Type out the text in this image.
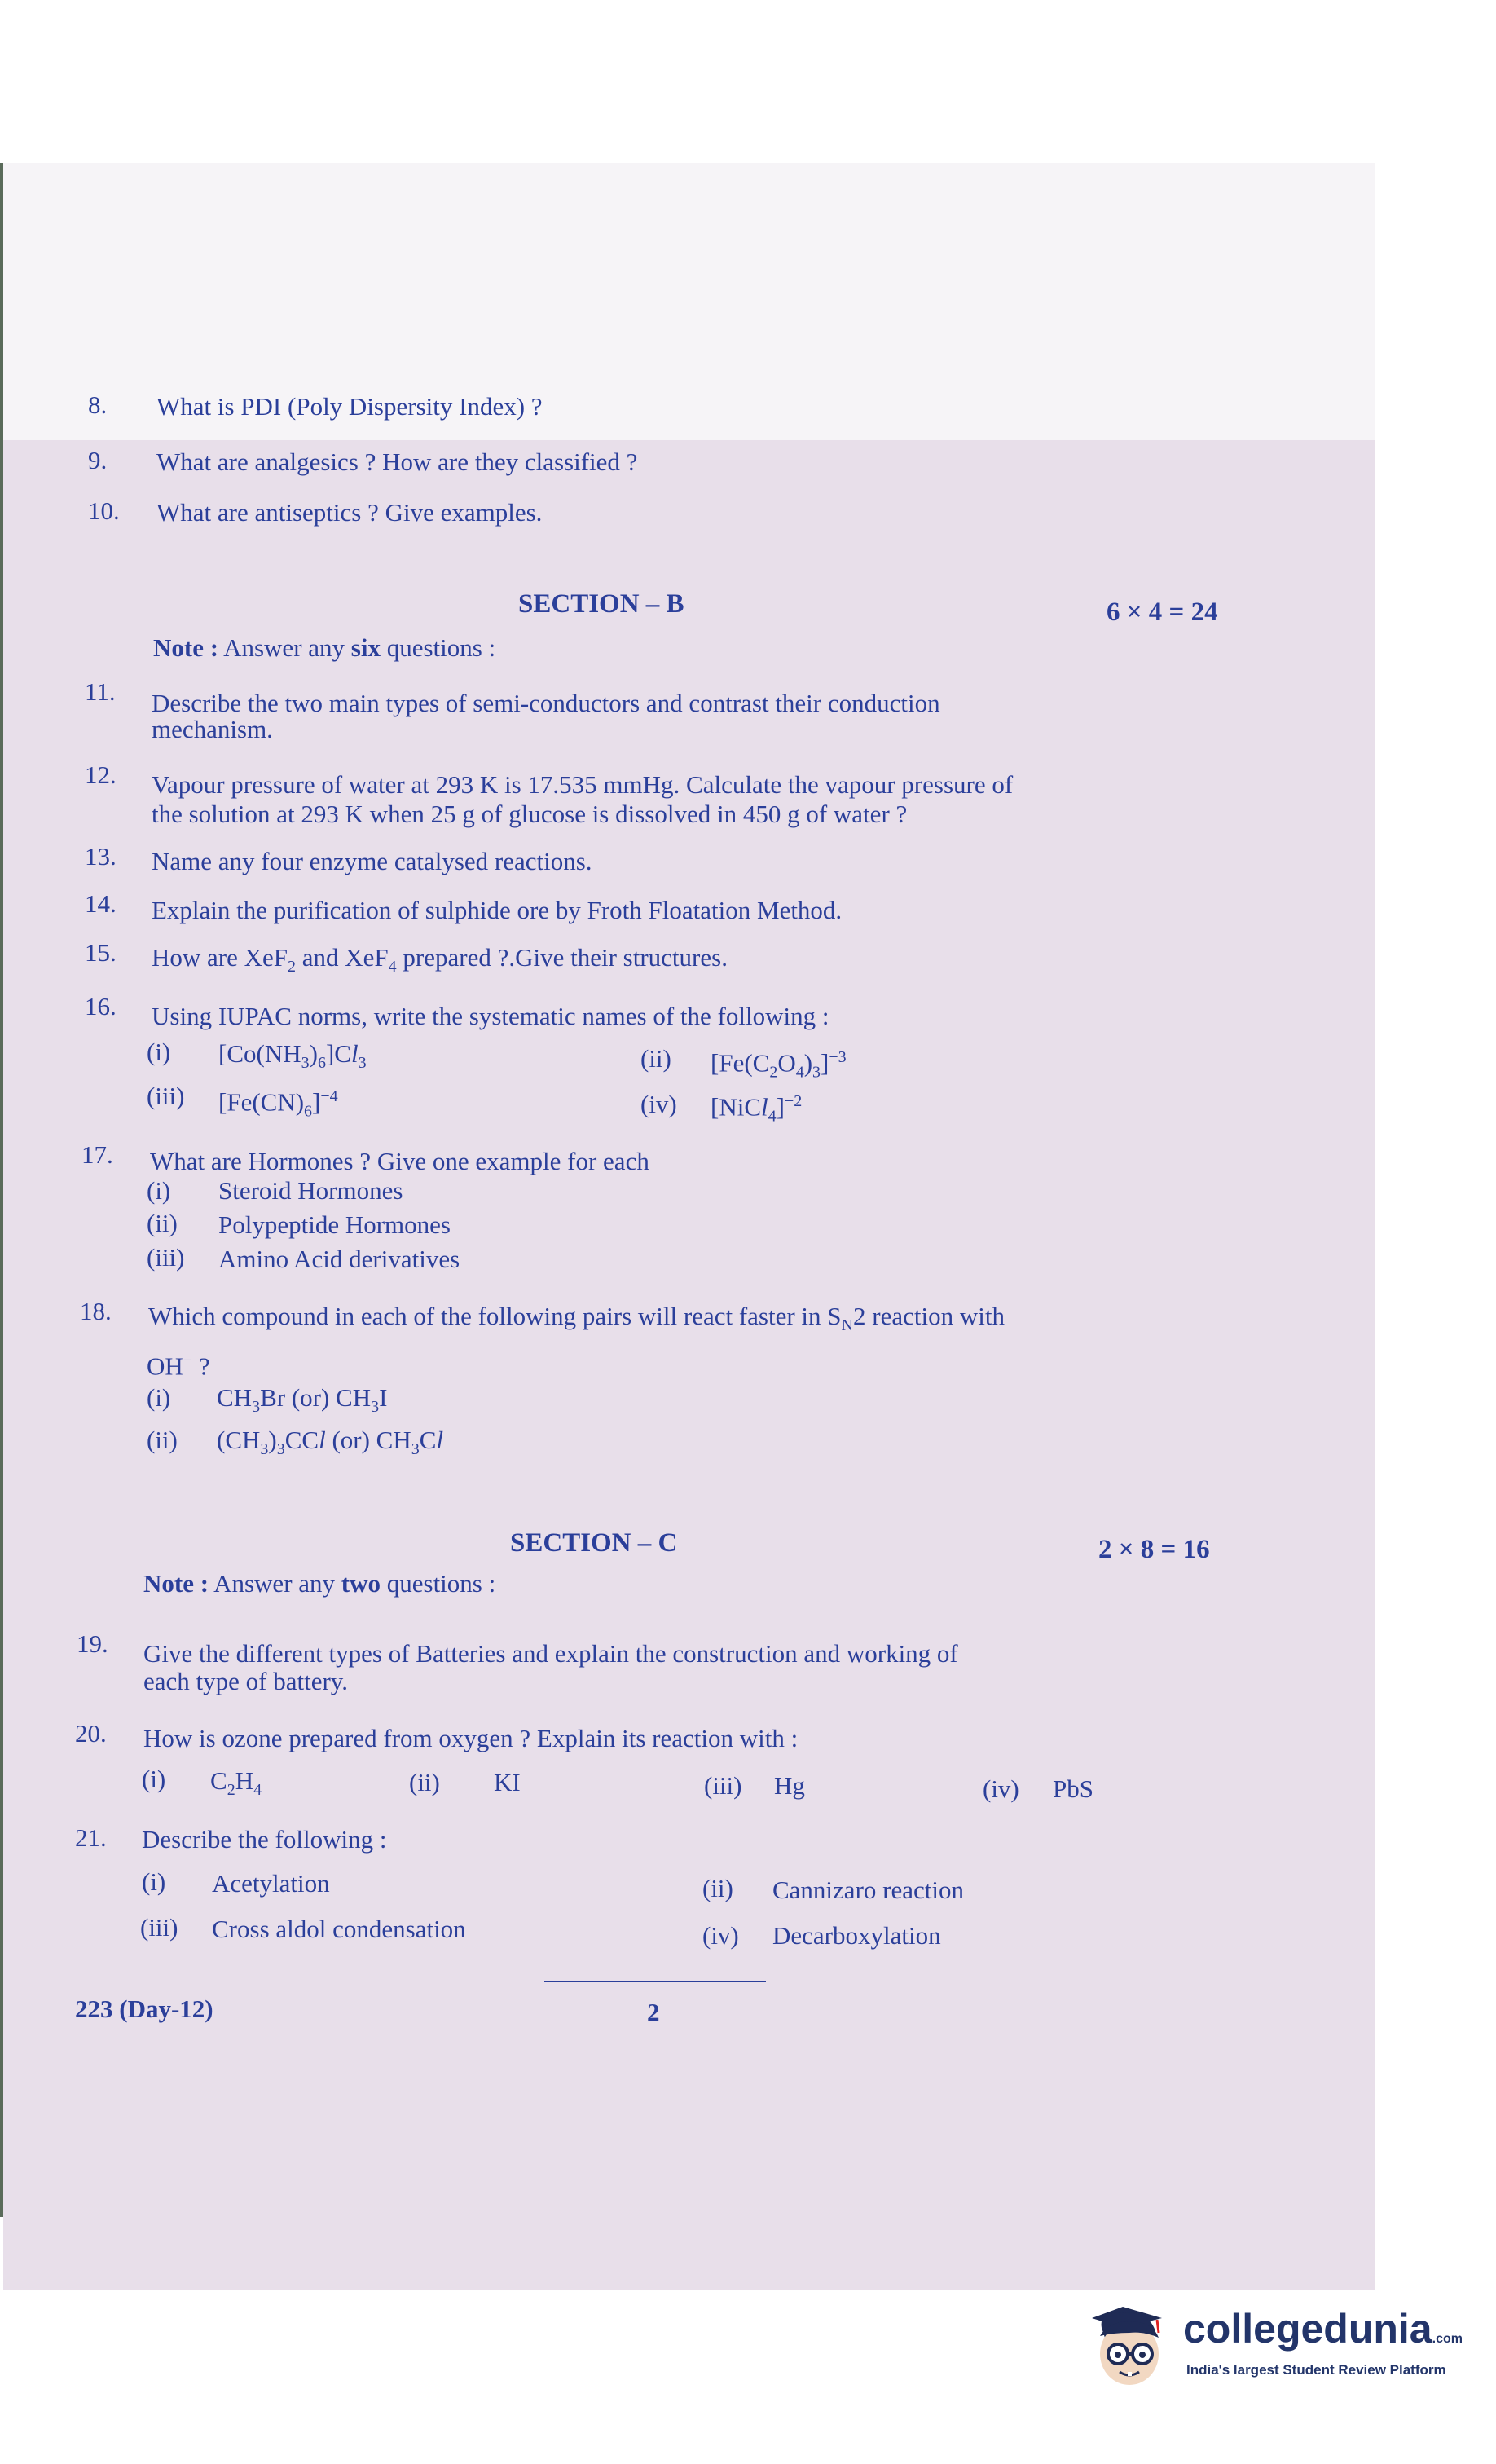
8. What is PDI (Poly Dispersity Index) ?
9. What are analgesics ? How are they classified ?
10. What are antiseptics ? Give examples.
SECTION – B	6 × 4 = 24
Note : Answer any six questions :
11. Describe the two main types of semi-conductors and contrast their conduction
mechanism.
12. Vapour pressure of water at 293 K is 17.535 mmHg. Calculate the vapour pressure of
the solution at 293 K when 25 g of glucose is dissolved in 450 g of water ?
13. Name any four enzyme catalysed reactions.
14. Explain the purification of sulphide ore by Froth Floatation Method.
15. How are XeF$_2$ and XeF$_4$ prepared ?.Give their structures.
16. Using IUPAC norms, write the systematic names of the following :
(i) $[Co(NH_3)_6]Cl_3$	(ii) $[Fe(C_2O_4)_3]^{-3}$
(iii) $[Fe(CN)_6]^{-4}$	(iv) [NiCl$_4$]$^{-2}$
17. What are Hormones ? Give one example for each
(i) Steroid Hormones
(ii) Polypeptide Hormones
(iii) Amino Acid derivatives
18. Which compound in each of the following pairs will react faster in $S_N2$ reaction with
OH− ?
(i) $CH_3Br$ (or) $CH_3I$
(ii) $(CH_3)_3CCl$ (or) $CH_3Cl$
SECTION – C	2 × 8 = 16
Note : Answer any two questions :
19. Give the different types of Batteries and explain the construction and working of
each type of battery.
20. How is ozone prepared from oxygen ? Explain its reaction with :
(i) $C_2H_4$	(ii) KI	(iii) Hg	(iv) PbS
21. Describe the following :
(i) Acetylation	(ii) Cannizaro reaction
(iii) Cross aldol condensation	(iv) Decarboxylation
223 (Day-12)	2
collegedunia.com
India's largest Student Review Platform
